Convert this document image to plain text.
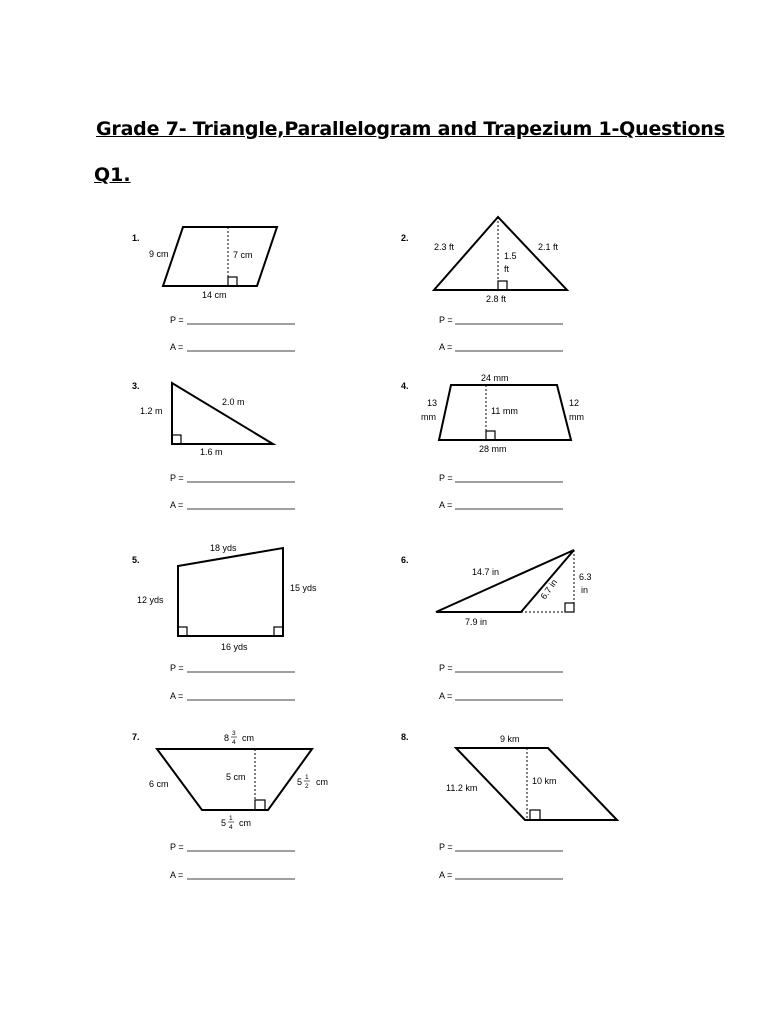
Grade 7- Triangle,Parallelogram and Trapezium 1-Questions
Q1.
1.	2.
3.	4.
5.	6.
7.	8.
9 cm	7 cm
14 cm
2.3 ft	2.1 ft
1.5
ft
2.8 ft
1.2 m
2.0 m
1.6 m
24 mm
13
mm
11 mm
12
mm
28 mm
18 yds
12 yds
15 yds
16 yds
14.7 in
6.7 in
6.3
in
7.9 in
8 3
4 cm
6 cm
5 cm	5 1
2 cm
5 1
4 cm
9 km
11.2 km
10 km
P =
A =
P =
A =
P =
A =
P =
A =
P =
A =
P =
A =
P =
A =
P =
A =
